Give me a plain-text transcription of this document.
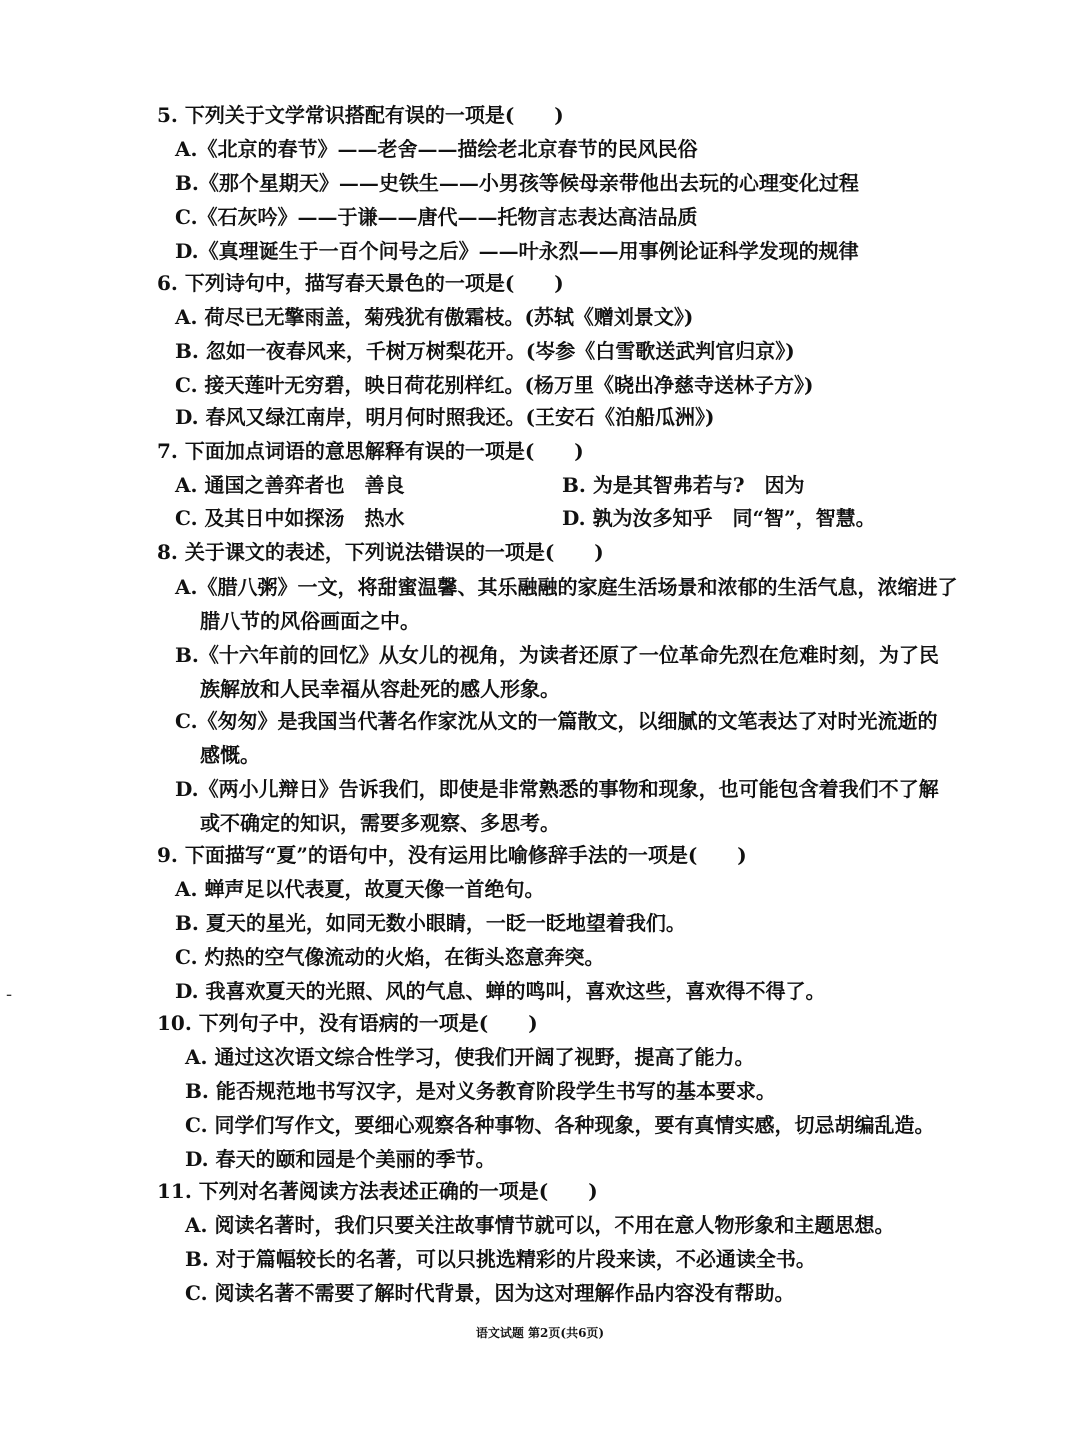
5. 下列关于文学常识搭配有误的一项是(　　)
A.《北京的春节》——老舍——描绘老北京春节的民风民俗
B.《那个星期天》——史铁生——小男孩等候母亲带他出去玩的心理变化过程
C.《石灰吟》——于谦——唐代——托物言志表达高洁品质
D.《真理诞生于一百个问号之后》——叶永烈——用事例论证科学发现的规律
6. 下列诗句中，描写春天景色的一项是(　　)
A. 荷尽已无擎雨盖，菊残犹有傲霜枝。(苏轼《赠刘景文》)
B. 忽如一夜春风来，千树万树梨花开。(岑参《白雪歌送武判官归京》)
C. 接天莲叶无穷碧，映日荷花别样红。(杨万里《晓出净慈寺送林子方》)
D. 春风又绿江南岸，明月何时照我还。(王安石《泊船瓜洲》)
7. 下面加点词语的意思解释有误的一项是(　　)
A. 通国之善弈者也　善良	B. 为是其智弗若与?　因为
C. 及其日中如探汤　热水	D. 孰为汝多知乎　同“智”，智慧。
8. 关于课文的表述，下列说法错误的一项是(　　)
A.《腊八粥》一文，将甜蜜温馨、其乐融融的家庭生活场景和浓郁的生活气息，浓缩进了
腊八节的风俗画面之中。
B.《十六年前的回忆》从女儿的视角，为读者还原了一位革命先烈在危难时刻，为了民
族解放和人民幸福从容赴死的感人形象。
C.《匆匆》是我国当代著名作家沈从文的一篇散文，以细腻的文笔表达了对时光流逝的
感慨。
D.《两小儿辩日》告诉我们，即使是非常熟悉的事物和现象，也可能包含着我们不了解
或不确定的知识，需要多观察、多思考。
9. 下面描写“夏”的语句中，没有运用比喻修辞手法的一项是(　　)
A. 蝉声足以代表夏，故夏天像一首绝句。
B. 夏天的星光，如同无数小眼睛，一眨一眨地望着我们。
C. 灼热的空气像流动的火焰，在街头恣意奔突。
D. 我喜欢夏天的光照、风的气息、蝉的鸣叫，喜欢这些，喜欢得不得了。
10. 下列句子中，没有语病的一项是(　　)
A. 通过这次语文综合性学习，使我们开阔了视野，提高了能力。
B. 能否规范地书写汉字，是对义务教育阶段学生书写的基本要求。
C. 同学们写作文，要细心观察各种事物、各种现象，要有真情实感，切忌胡编乱造。
D. 春天的颐和园是个美丽的季节。
11. 下列对名著阅读方法表述正确的一项是(　　)
A. 阅读名著时，我们只要关注故事情节就可以，不用在意人物形象和主题思想。
B. 对于篇幅较长的名著，可以只挑选精彩的片段来读，不必通读全书。
C. 阅读名著不需要了解时代背景，因为这对理解作品内容没有帮助。
语文试题 第2页(共6页)
-
